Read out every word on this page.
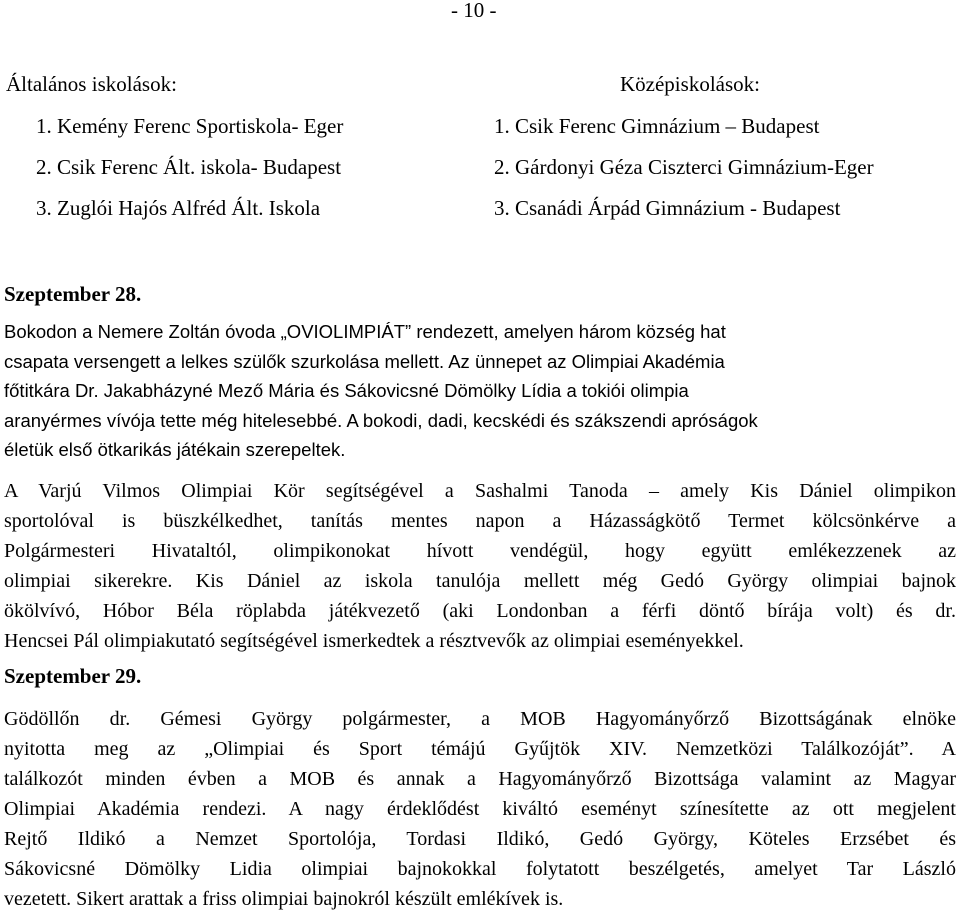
- 10 -
Általános iskolások:
1. Kemény Ferenc Sportiskola- Eger
2. Csik Ferenc Ált. iskola- Budapest
3. Zuglói Hajós Alfréd Ált. Iskola
Középiskolások:
1. Csik Ferenc Gimnázium – Budapest
2. Gárdonyi Géza Ciszterci Gimnázium-Eger
3. Csanádi Árpád Gimnázium - Budapest
Szeptember 28.
Bokodon a Nemere Zoltán óvoda „OVIOLIMPIÁT” rendezett, amelyen három község hat
csapata versengett a lelkes szülők szurkolása mellett. Az ünnepet az Olimpiai Akadémia
főtitkára Dr. Jakabházyné Mező Mária és Sákovicsné Dömölky Lídia a tokiói olimpia
aranyérmes vívója tette még hitelesebbé. A bokodi, dadi, kecskédi és szákszendi apróságok
életük első ötkarikás játékain szerepeltek.
A Varjú Vilmos Olimpiai Kör segítségével a Sashalmi Tanoda – amely Kis Dániel olimpikon
sportolóval is büszkélkedhet, tanítás mentes napon a Házasságkötő Termet kölcsönkérve a
Polgármesteri Hivataltól, olimpikonokat hívott vendégül, hogy együtt emlékezzenek az
olimpiai sikerekre. Kis Dániel az iskola tanulója mellett még Gedó György olimpiai bajnok
ökölvívó, Hóbor Béla röplabda játékvezető (aki Londonban a férfi döntő bírája volt) és dr.
Hencsei Pál olimpiakutató segítségével ismerkedtek a résztvevők az olimpiai eseményekkel.
Szeptember 29.
Gödöllőn dr. Gémesi György polgármester, a MOB Hagyományőrző Bizottságának elnöke
nyitotta meg az „Olimpiai és Sport témájú Gyűjtök XIV. Nemzetközi Találkozóját”. A
találkozót minden évben a MOB és annak a Hagyományőrző Bizottsága valamint az Magyar
Olimpiai Akadémia rendezi. A nagy érdeklődést kiváltó eseményt színesítette az ott megjelent
Rejtő Ildikó a Nemzet Sportolója, Tordasi Ildikó, Gedó György, Köteles Erzsébet és
Sákovicsné Dömölky Lidia olimpiai bajnokokkal folytatott beszélgetés, amelyet Tar László
vezetett. Sikert arattak a friss olimpiai bajnokról készült emlékívek is.
